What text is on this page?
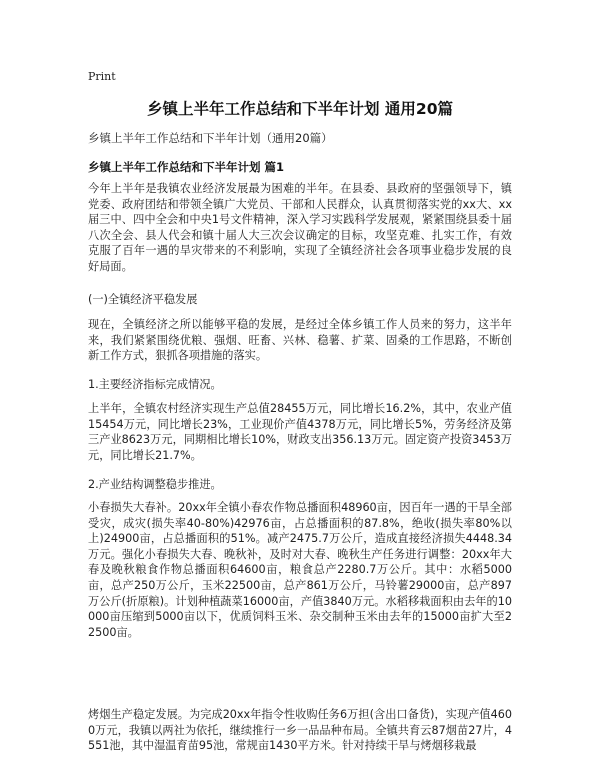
Print
乡镇上半年工作总结和下半年计划 通用20篇
乡镇上半年工作总结和下半年计划（通用20篇）
乡镇上半年工作总结和下半年计划 篇1

今年上半年是我镇农业经济发展最为困难的半年。在县委、县政府的坚强领导下，镇党委、政府团结和带领全镇广大党员、干部和人民群众，认真贯彻落实党的xx大、xx届三中、四中全会和中央1号文件精神，深入学习实践科学发展观，紧紧围绕县委十届八次全会、县人代会和镇十届人大三次会议确定的目标，攻坚克难、扎实工作，有效克服了百年一遇的旱灾带来的不利影响，实现了全镇经济社会各项事业稳步发展的良好局面。

(一)全镇经济平稳发展

现在，全镇经济之所以能够平稳的发展，是经过全体乡镇工作人员来的努力，这半年来，我们紧紧围绕优粮、强烟、旺畜、兴林、稳薯、扩菜、固桑的工作思路，不断创新工作方式，狠抓各项措施的落实。

1.主要经济指标完成情况。

上半年，全镇农村经济实现生产总值28455万元，同比增长16.2%，其中，农业产值15454万元，同比增长23%，工业现价产值4378万元，同比增长5%，劳务经济及第三产业8623万元，同期相比增长10%，财政支出356.13万元。固定资产投资3453万元，同比增长21.7%。

2.产业结构调整稳步推进。

小春损失大春补。20xx年全镇小春农作物总播面积48960亩，因百年一遇的干旱全部受灾，成灾(损失率40-80%)42976亩，占总播面积的87.8%，绝收(损失率80%以上)24900亩，占总播面积的51%。减产2475.7万公斤，造成直接经济损失4448.34万元。强化小春损失大春、晚秋补，及时对大春、晚秋生产任务进行调整：20xx年大春及晚秋粮食作物总播面积64600亩，粮食总产2280.7万公斤。其中：水稻5000亩，总产250万公斤，玉米22500亩，总产861万公斤，马铃薯29000亩，总产897万公斤(折原粮)。计划种植蔬菜16000亩，产值3840万元。水稻移栽面积由去年的10000亩压缩到5000亩以下，优质饲料玉米、杂交制种玉米由去年的15000亩扩大至22500亩。

烤烟生产稳定发展。为完成20xx年指令性收购任务6万担(含出口备货)，实现产值4600万元，我镇以两社为依托，继续推行一乡一品品种布局。全镇共育云87烟苗27片，4551池，其中湿温育苗95池，常规亩1430平方米。针对持续干旱与烤烟移栽最
